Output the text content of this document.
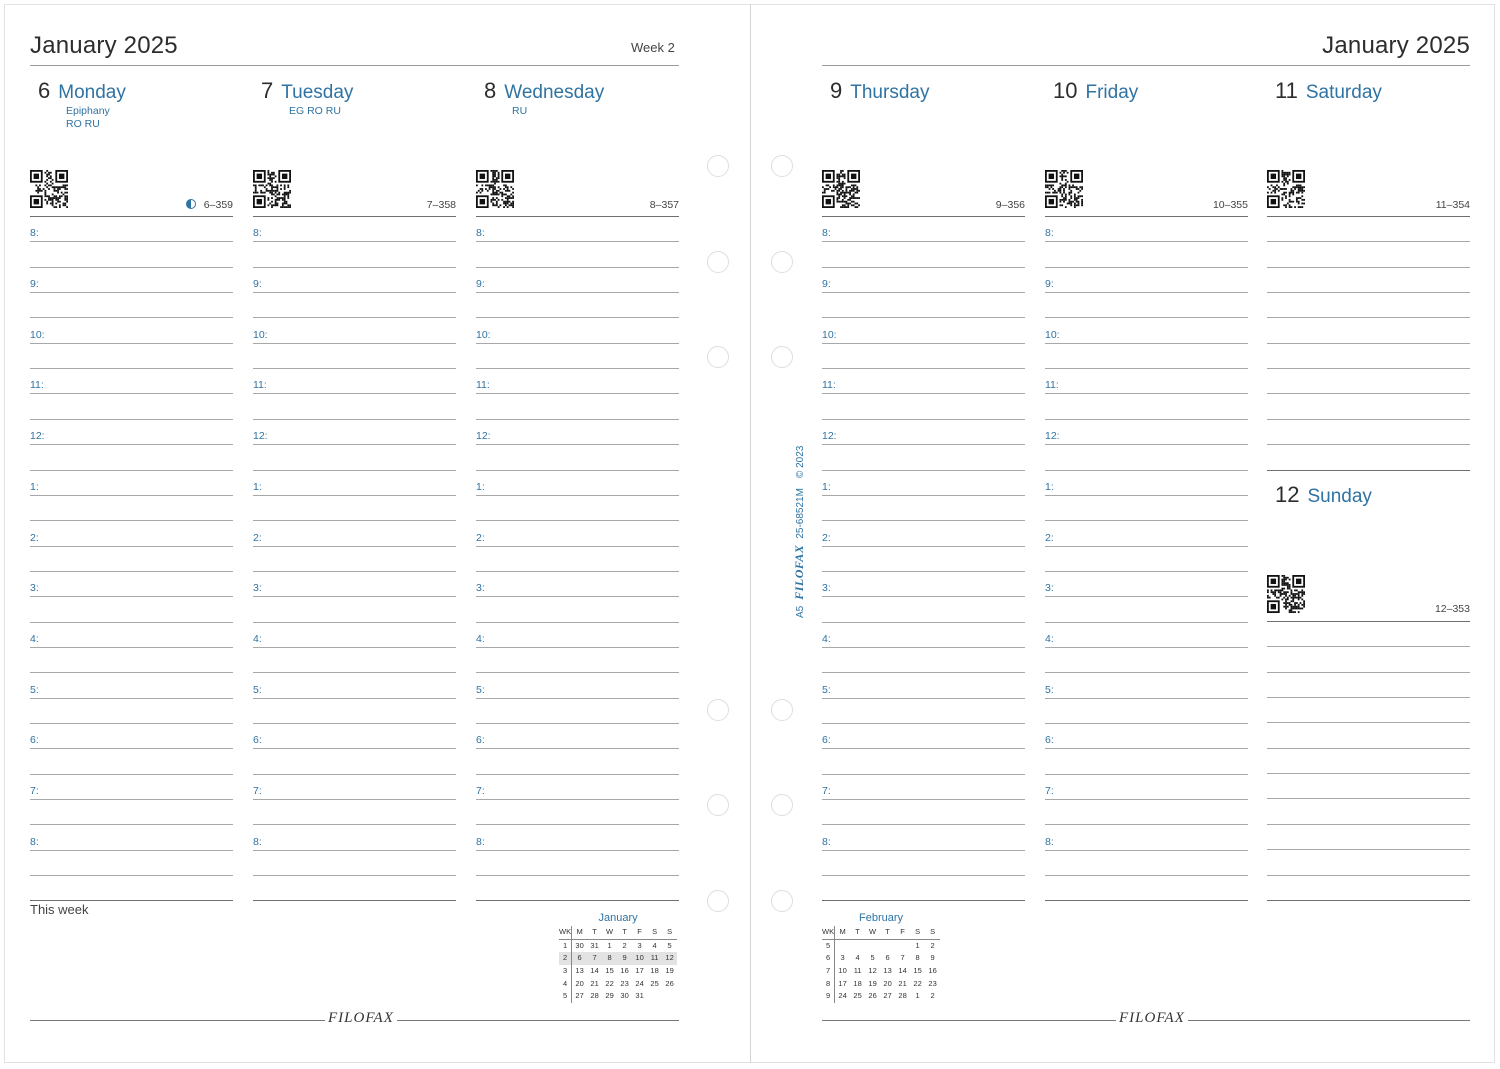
January 2025	Week 2	January 2025
6 Monday
Epiphany
RO RU
6–359
8:
9:
10:
11:
12:
1:
2:
3:
4:
5:
6:
7:
8:
7 Tuesday
EG RO RU
7–358
8:
9:
10:
11:
12:
1:
2:
3:
4:
5:
6:
7:
8:
8 Wednesday
RU
8–357
8:
9:
10:
11:
12:
1:
2:
3:
4:
5:
6:
7:
8:
This week
January
WK	M	T	W	T	F	S	S
1	30	31	1	2	3	4	5
2	6	7	8	9	10	11	12
3	13	14	15	16	17	18	19
4	20	21	22	23	24	25	26
5	27	28	29	30	31		
9 Thursday
9–356
8:
9:
10:
11:
12:
1:
2:
3:
4:
5:
6:
7:
8:
10 Friday
10–355
8:
9:
10:
11:
12:
1:
2:
3:
4:
5:
6:
7:
8:
11 Saturday
11–354
12 Sunday
12–353
February
WK	M	T	W	T	F	S	S
5						1	2
6	3	4	5	6	7	8	9
7	10	11	12	13	14	15	16
8	17	18	19	20	21	22	23
9	24	25	26	27	28	1	2
FILOFAX	FILOFAX
A5FILOFAX25-68521M© 2023
